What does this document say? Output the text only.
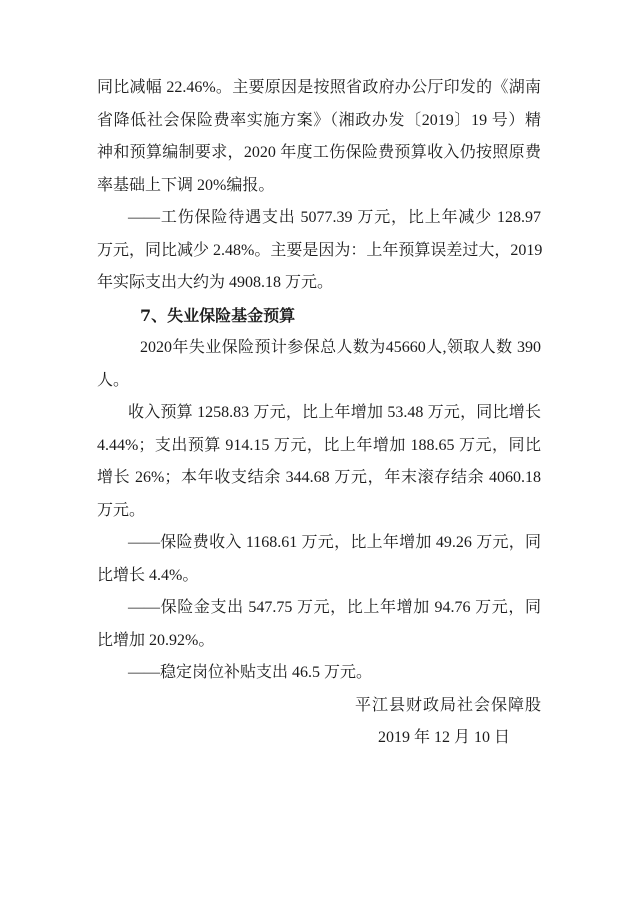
同比减幅 22.46%。主要原因是按照省政府办公厅印发的《湖南
省降低社会保险费率实施方案》（湘政办发〔2019〕19 号）精
神和预算编制要求，2020 年度工伤保险费预算收入仍按照原费
率基础上下调 20%编报。
——工伤保险待遇支出 5077.39 万元，比上年减少 128.97
万元，同比减少 2.48%。主要是因为：上年预算误差过大，2019
年实际支出大约为 4908.18 万元。
7、失业保险基金预算
2020年失业保险预计参保总人数为45660人,领取人数 390
人。
收入预算 1258.83 万元，比上年增加 53.48 万元，同比增长
4.44%；支出预算 914.15 万元，比上年增加 188.65 万元，同比
增长 26%；本年收支结余 344.68 万元，年末滚存结余 4060.18
万元。
——保险费收入 1168.61 万元，比上年增加 49.26 万元，同
比增长 4.4%。
——保险金支出 547.75 万元，比上年增加 94.76 万元，同
比增加 20.92%。
——稳定岗位补贴支出 46.5 万元。
平江县财政局社会保障股
2019 年 12 月 10 日
